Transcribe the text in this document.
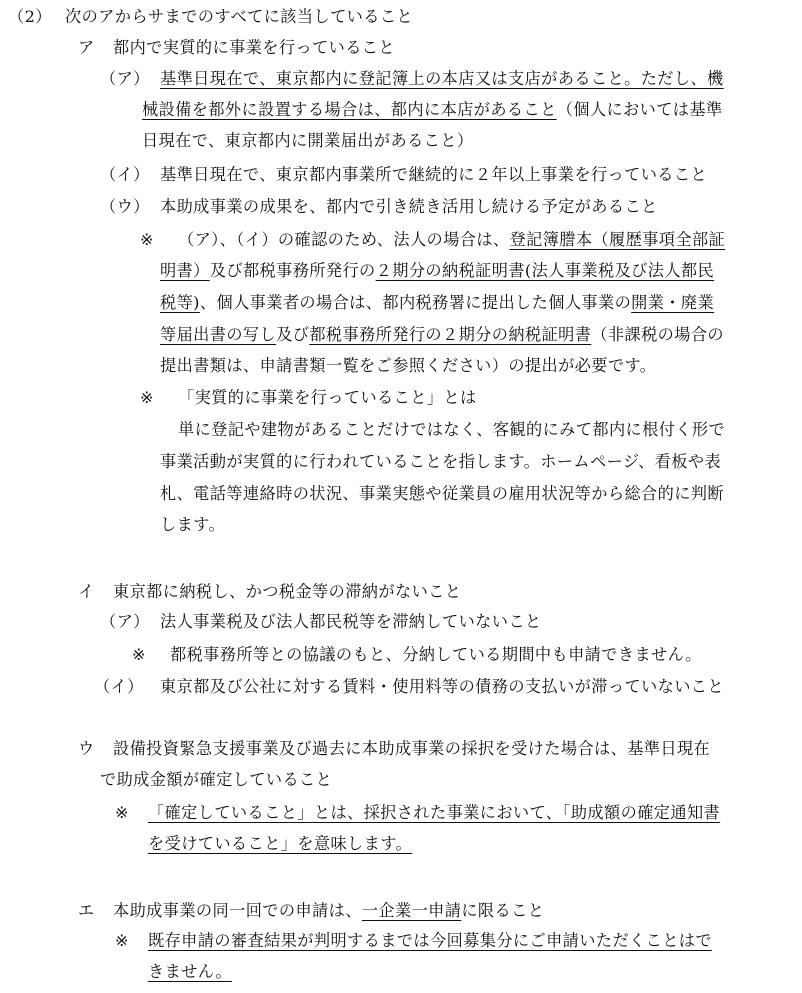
（2） 次のアからサまでのすべてに該当していること
ア 都内で実質的に事業を行っていること
（ア） 基準日現在で、東京都内に登記簿上の本店又は支店があること。ただし、機
械設備を都外に設置する場合は、都内に本店があること（個人においては基準
日現在で、東京都内に開業届出があること）
（イ） 基準日現在で、東京都内事業所で継続的に２年以上事業を行っていること
（ウ） 本助成事業の成果を、都内で引き続き活用し続ける予定があること
※ （ア）、（イ）の確認のため、法人の場合は、登記簿謄本（履歴事項全部証
明書）及び都税事務所発行の２期分の納税証明書(法人事業税及び法人都民
税等)、個人事業者の場合は、都内税務署に提出した個人事業の開業・廃業
等届出書の写し及び都税事務所発行の２期分の納税証明書（非課税の場合の
提出書類は、申請書類一覧をご参照ください）の提出が必要です。
※ 「実質的に事業を行っていること」とは
単に登記や建物があることだけではなく、客観的にみて都内に根付く形で
事業活動が実質的に行われていることを指します。ホームページ、看板や表
札、電話等連絡時の状況、事業実態や従業員の雇用状況等から総合的に判断
します。
イ 東京都に納税し、かつ税金等の滞納がないこと
（ア） 法人事業税及び法人都民税等を滞納していないこと
※ 都税事務所等との協議のもと、分納している期間中も申請できません。
（イ） 東京都及び公社に対する賃料・使用料等の債務の支払いが滞っていないこと
ウ 設備投資緊急支援事業及び過去に本助成事業の採択を受けた場合は、基準日現在
で助成金額が確定していること
※ 「確定していること」とは、採択された事業において、「助成額の確定通知書
を受けていること」を意味します。
エ 本助成事業の同一回での申請は、一企業一申請に限ること
※ 既存申請の審査結果が判明するまでは今回募集分にご申請いただくことはで
きません。
